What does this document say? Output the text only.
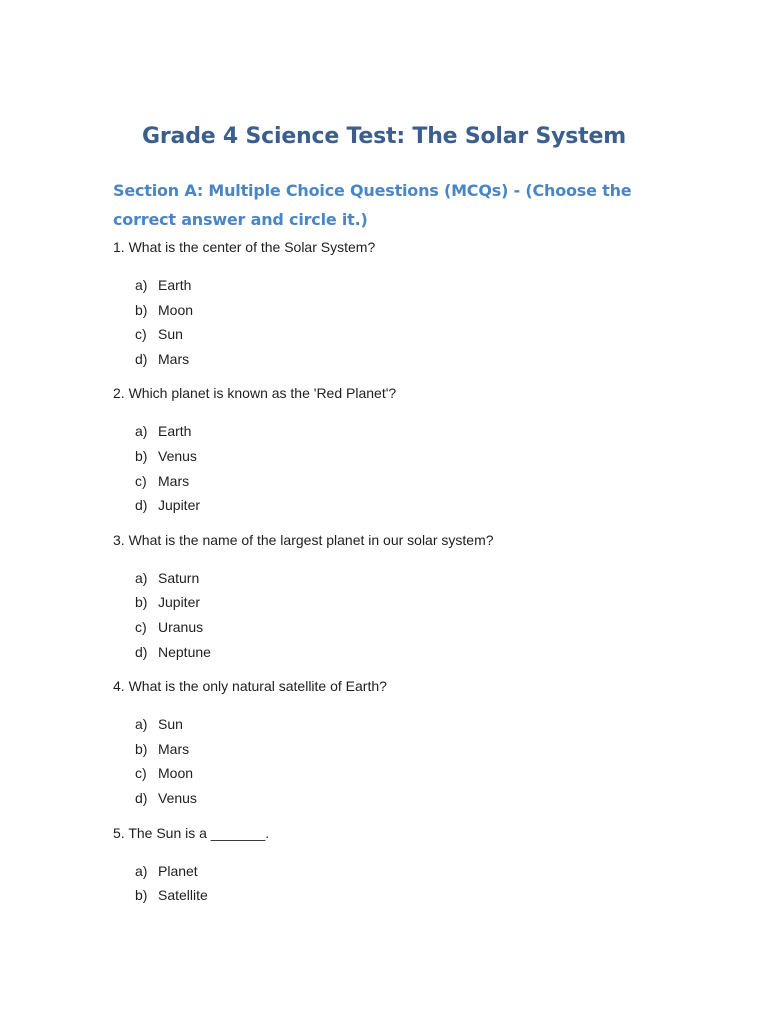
Grade 4 Science Test: The Solar System
Section A: Multiple Choice Questions (MCQs) - (Choose the
correct answer and circle it.)
1. What is the center of the Solar System?
a) Earth
b) Moon
c) Sun
d) Mars
2. Which planet is known as the 'Red Planet'?
a) Earth
b) Venus
c) Mars
d) Jupiter
3. What is the name of the largest planet in our solar system?
a) Saturn
b) Jupiter
c) Uranus
d) Neptune
4. What is the only natural satellite of Earth?
a) Sun
b) Mars
c) Moon
d) Venus
5. The Sun is a _______.
a) Planet
b) Satellite
